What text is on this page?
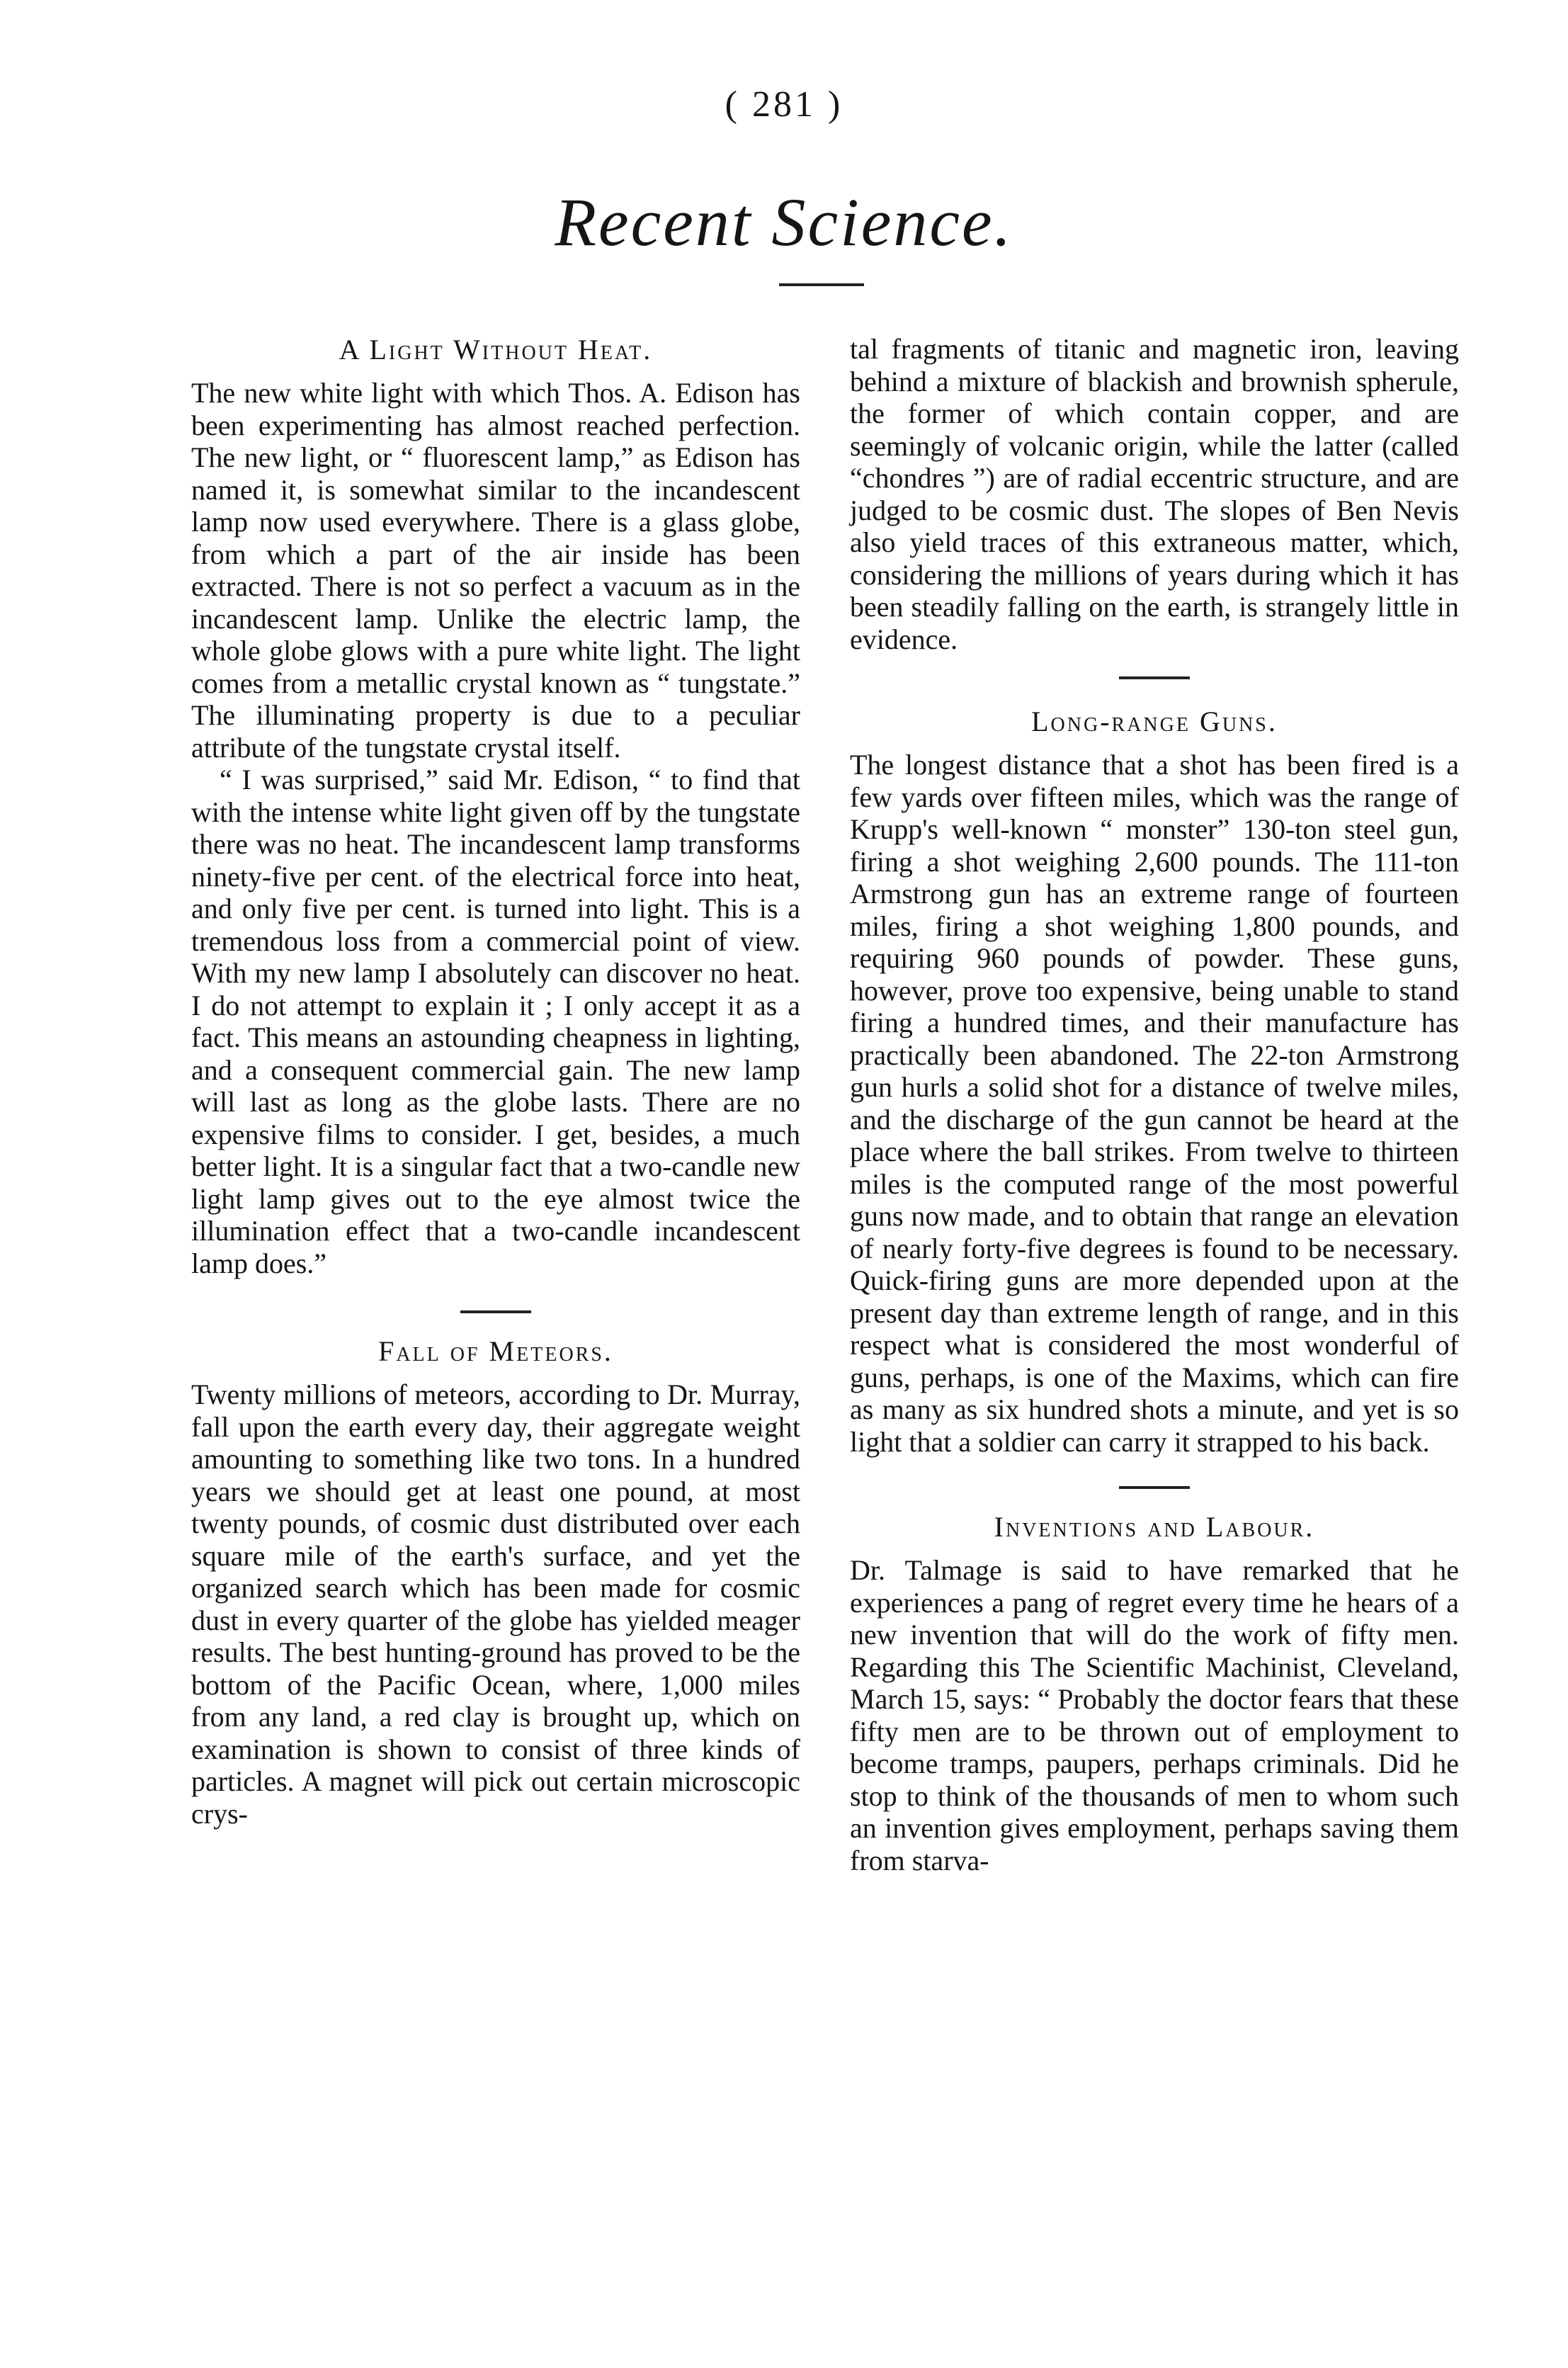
( 281 )
Recent Science.
A Light Without Heat.

The new white light with which Thos. A. Edison has been experimenting has almost reached perfection. The new light, or “ fluorescent lamp,” as Edison has named it, is somewhat similar to the incandescent lamp now used everywhere. There is a glass globe, from which a part of the air inside has been extracted. There is not so perfect a vacuum as in the incandescent lamp. Unlike the electric lamp, the whole globe glows with a pure white light. The light comes from a metallic crystal known as “ tungstate.” The illuminating property is due to a peculiar attribute of the tungstate crystal itself.

“ I was surprised,” said Mr. Edison, “ to find that with the intense white light given off by the tungstate there was no heat. The incandescent lamp transforms ninety-five per cent. of the electrical force into heat, and only five per cent. is turned into light. This is a tremendous loss from a commercial point of view. With my new lamp I absolutely can discover no heat. I do not attempt to explain it ; I only accept it as a fact. This means an astounding cheapness in lighting, and a consequent commercial gain. The new lamp will last as long as the globe lasts. There are no expensive films to consider. I get, besides, a much better light. It is a singular fact that a two-candle new light lamp gives out to the eye almost twice the illumination effect that a two-candle incandescent lamp does.”

Fall of Meteors.

Twenty millions of meteors, according to Dr. Murray, fall upon the earth every day, their aggregate weight amounting to something like two tons. In a hundred years we should get at least one pound, at most twenty pounds, of cosmic dust distributed over each square mile of the earth's surface, and yet the organized search which has been made for cosmic dust in every quarter of the globe has yielded meager results. The best hunting-ground has proved to be the bottom of the Pacific Ocean, where, 1,000 miles from any land, a red clay is brought up, which on examination is shown to consist of three kinds of particles. A magnet will pick out certain microscopic crys-

tal fragments of titanic and magnetic iron, leaving behind a mixture of blackish and brownish spherule, the former of which contain copper, and are seemingly of volcanic origin, while the latter (called “chondres ”) are of radial eccentric structure, and are judged to be cosmic dust. The slopes of Ben Nevis also yield traces of this extraneous matter, which, considering the millions of years during which it has been steadily falling on the earth, is strangely little in evidence.

Long-range Guns.

The longest distance that a shot has been fired is a few yards over fifteen miles, which was the range of Krupp's well-known “ monster” 130-ton steel gun, firing a shot weighing 2,600 pounds. The 111-ton Armstrong gun has an extreme range of fourteen miles, firing a shot weighing 1,800 pounds, and requiring 960 pounds of powder. These guns, however, prove too expensive, being unable to stand firing a hundred times, and their manufacture has practically been abandoned. The 22-ton Armstrong gun hurls a solid shot for a distance of twelve miles, and the discharge of the gun cannot be heard at the place where the ball strikes. From twelve to thirteen miles is the computed range of the most powerful guns now made, and to obtain that range an elevation of nearly forty-five degrees is found to be necessary. Quick-firing guns are more depended upon at the present day than extreme length of range, and in this respect what is considered the most wonderful of guns, perhaps, is one of the Maxims, which can fire as many as six hundred shots a minute, and yet is so light that a soldier can carry it strapped to his back.

Inventions and Labour.

Dr. Talmage is said to have remarked that he experiences a pang of regret every time he hears of a new invention that will do the work of fifty men. Regarding this The Scientific Machinist, Cleveland, March 15, says: “ Probably the doctor fears that these fifty men are to be thrown out of employment to become tramps, paupers, perhaps criminals. Did he stop to think of the thousands of men to whom such an invention gives employment, perhaps saving them from starva-
